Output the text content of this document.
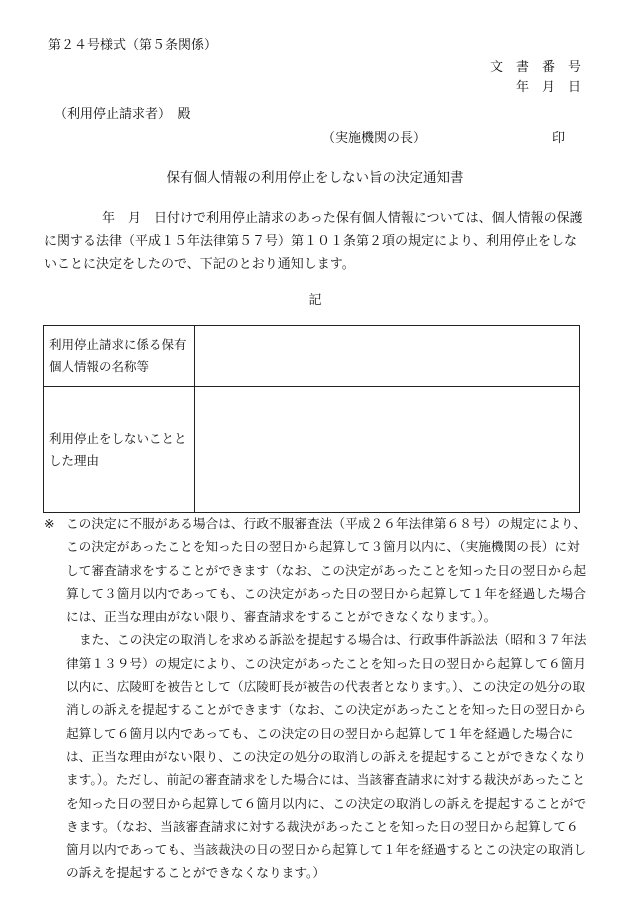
第２４号様式（第５条関係）
文　書　番　号
年　月　日
（利用停止請求者）　殿
（実施機関の長）	印
保有個人情報の利用停止をしない旨の決定通知書
年　月　日付けで利用停止請求のあった保有個人情報については、個人情報の保護に関する法律（平成１５年法律第５７号）第１０１条第２項の規定により、利用停止をしないことに決定をしたので、下記のとおり通知します。
記
利用停止請求に係る保有個人情報の名称等	
利用停止をしないこととした理由	
※ この決定に不服がある場合は、行政不服審査法（平成２６年法律第６８号）の規定により、この決定があったことを知った日の翌日から起算して３箇月以内に、（実施機関の長）に対して審査請求をすることができます（なお、この決定があったことを知った日の翌日から起算して３箇月以内であっても、この決定があった日の翌日から起算して１年を経過した場合には、正当な理由がない限り、審査請求をすることができなくなります。）。
また、この決定の取消しを求める訴訟を提起する場合は、行政事件訴訟法（昭和３７年法律第１３９号）の規定により、この決定があったことを知った日の翌日から起算して６箇月以内に、広陵町を被告として（広陵町長が被告の代表者となります。）、この決定の処分の取消しの訴えを提起することができます（なお、この決定があったことを知った日の翌日から起算して６箇月以内であっても、この決定の日の翌日から起算して１年を経過した場合には、正当な理由がない限り、この決定の処分の取消しの訴えを提起することができなくなります。）。ただし、前記の審査請求をした場合には、当該審査請求に対する裁決があったことを知った日の翌日から起算して６箇月以内に、この決定の取消しの訴えを提起することができます。（なお、当該審査請求に対する裁決があったことを知った日の翌日から起算して６箇月以内であっても、当該裁決の日の翌日から起算して１年を経過するとこの決定の取消しの訴えを提起することができなくなります。）
